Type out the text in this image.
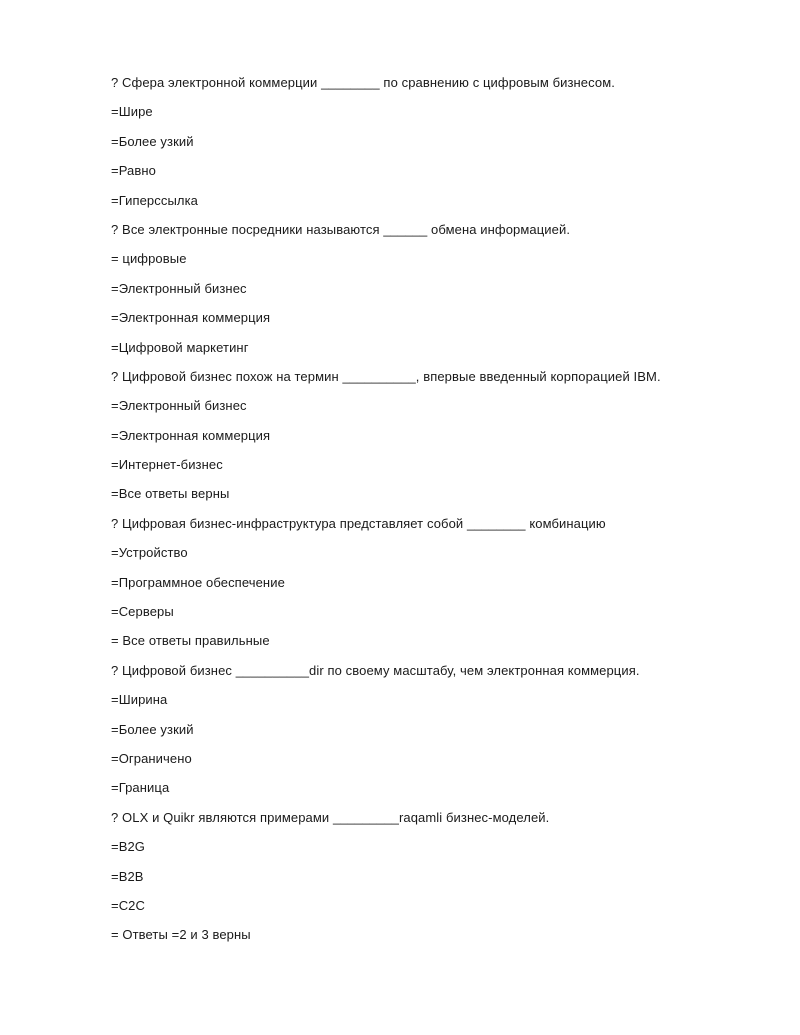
? Сфера электронной коммерции ________ по сравнению с цифровым бизнесом.
=Шире
=Более узкий
=Равно
=Гиперссылка
? Все электронные посредники называются ______ обмена информацией.
= цифровые
=Электронный бизнес
=Электронная коммерция
=Цифровой маркетинг
? Цифровой бизнес похож на термин __________, впервые введенный корпорацией IBM.
=Электронный бизнес
=Электронная коммерция
=Интернет-бизнес
=Все ответы верны
? Цифровая бизнес-инфраструктура представляет собой ________ комбинацию
=Устройство
=Программное обеспечение
=Серверы
= Все ответы правильные
? Цифровой бизнес __________dir по своему масштабу, чем электронная коммерция.
=Ширина
=Более узкий
=Ограничено
=Граница
? OLX и Quikr являются примерами _________raqamli бизнес-моделей.
=B2G
=B2B
=C2C
= Ответы =2 и 3 верны
